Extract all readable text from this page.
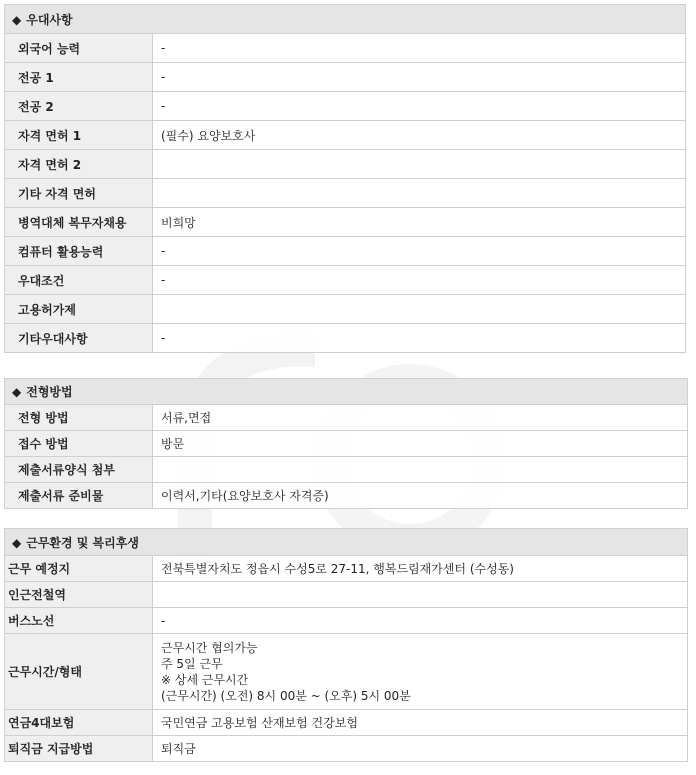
◆ 우대사항	
외국어 능력	-
전공 1	-
전공 2	-
자격 면허 1	(필수) 요양보호사
자격 면허 2	
기타 자격 면허	
병역대체 복무자채용	비희망
컴퓨터 활용능력	-
우대조건	-
고용허가제	
기타우대사항	-
◆ 전형방법	
전형 방법	서류,면접
접수 방법	방문
제출서류양식 첨부	
제출서류 준비물	이력서,기타(요양보호사 자격증)
◆ 근무환경 및 복리후생	
근무 예정지	전북특별자치도 정읍시 수성5로 27-11, 행복드림재가센터 (수성동)
인근전철역	
버스노선	-
근무시간/형태	근무시간 협의가능
주 5일 근무
※ 상세 근무시간
(근무시간) (오전) 8시 00분 ~ (오후) 5시 00분

연금4대보험	국민연금 고용보험 산재보험 건강보험
퇴직금 지급방법	퇴직금
